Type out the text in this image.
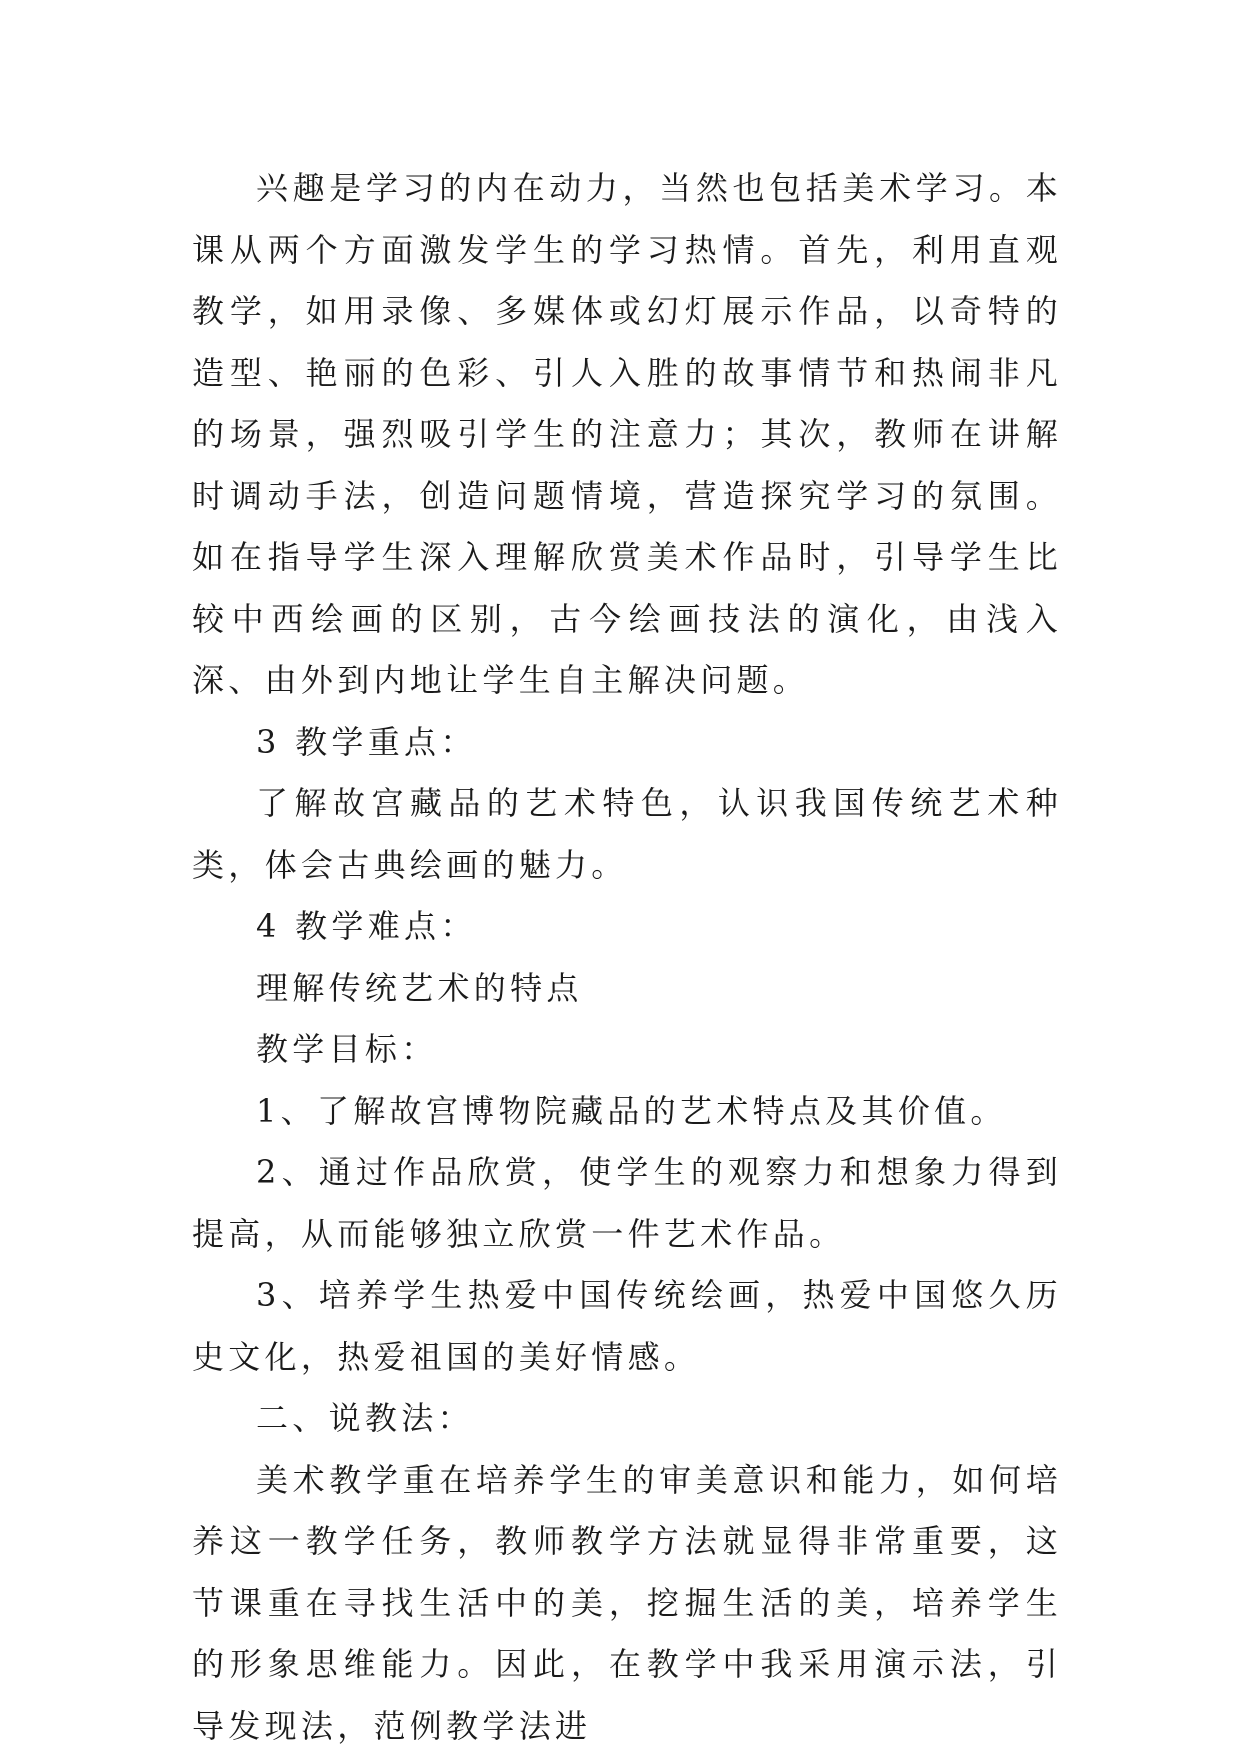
兴趣是学习的内在动力，当然也包括美术学习。本课从两个方面激发学生的学习热情。首先，利用直观教学，如用录像、多媒体或幻灯展示作品，以奇特的造型、艳丽的色彩、引人入胜的故事情节和热闹非凡的场景，强烈吸引学生的注意力；其次，教师在讲解时调动手法，创造问题情境，营造探究学习的氛围。如在指导学生深入理解欣赏美术作品时，引导学生比较中西绘画的区别，古今绘画技法的演化，由浅入深、由外到内地让学生自主解决问题。

3 教学重点：

了解故宫藏品的艺术特色，认识我国传统艺术种类，体会古典绘画的魅力。

4 教学难点：

理解传统艺术的特点

教学目标：

1、了解故宫博物院藏品的艺术特点及其价值。

2、通过作品欣赏，使学生的观察力和想象力得到提高，从而能够独立欣赏一件艺术作品。

3、培养学生热爱中国传统绘画，热爱中国悠久历史文化，热爱祖国的美好情感。

二、说教法：

美术教学重在培养学生的审美意识和能力，如何培养这一教学任务，教师教学方法就显得非常重要，这节课重在寻找生活中的美，挖掘生活的美，培养学生的形象思维能力。因此，在教学中我采用演示法，引导发现法，范例教学法进
